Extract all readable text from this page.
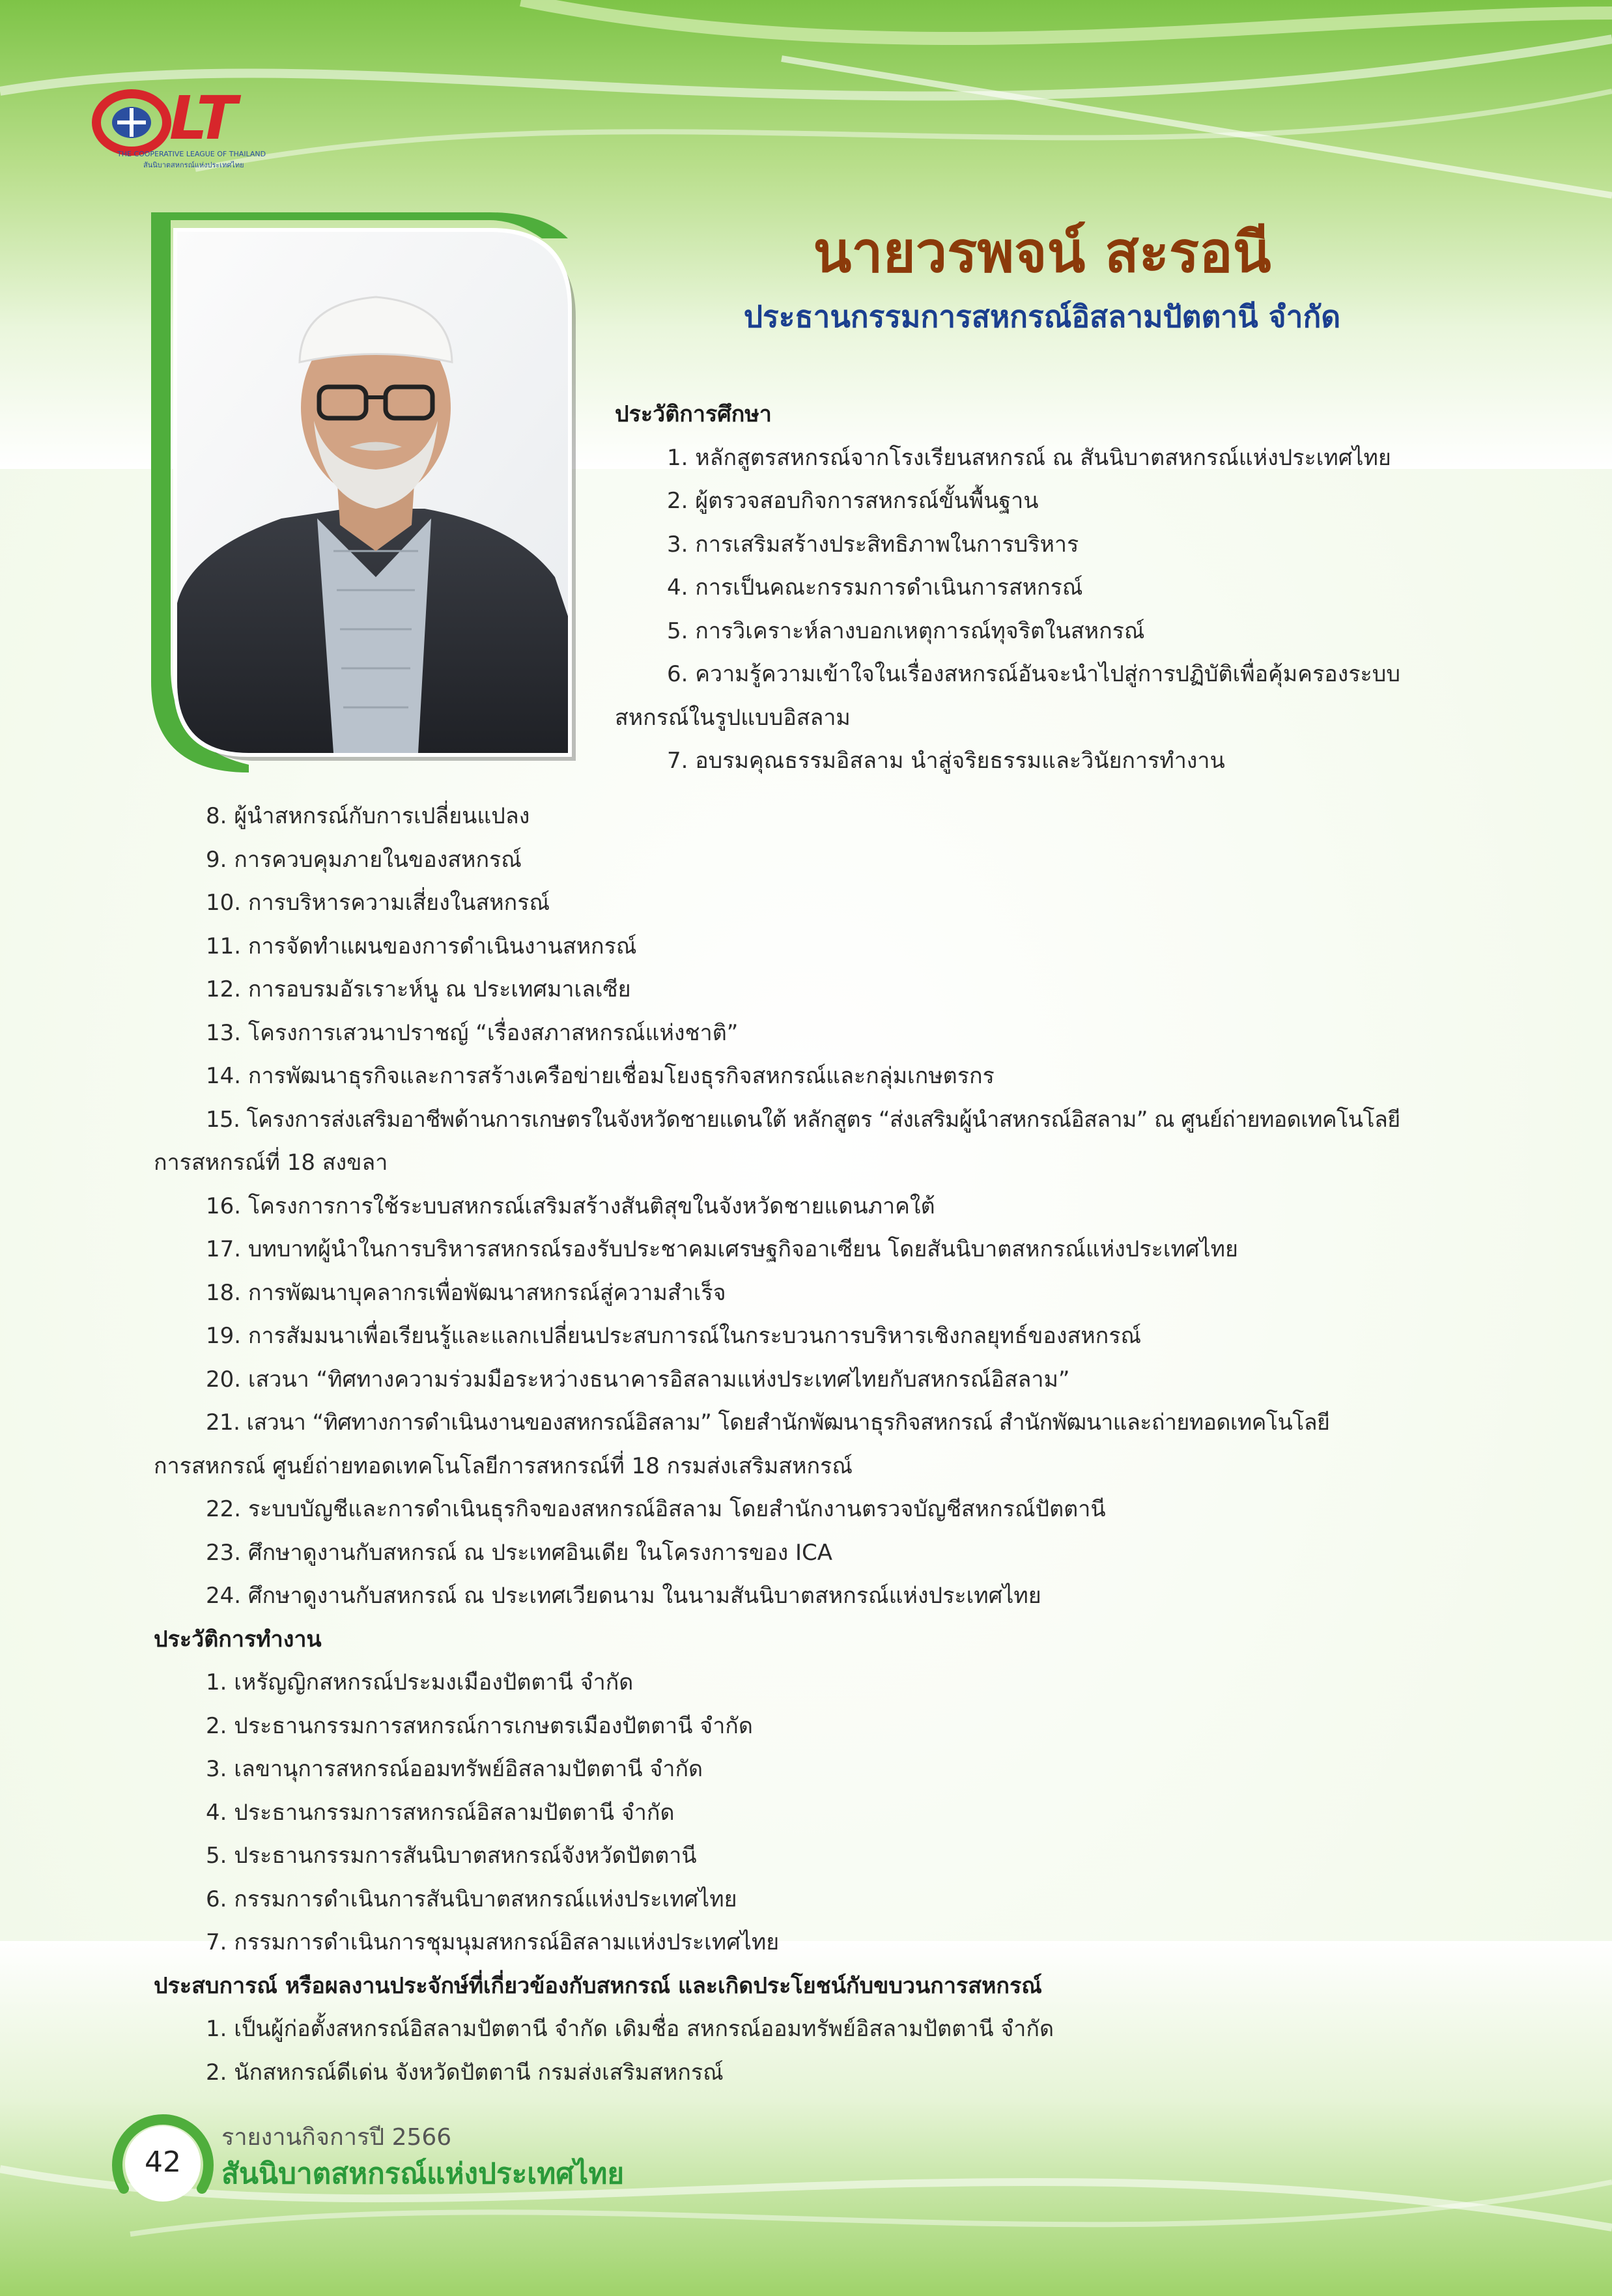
LT
THE COOPERATIVE LEAGUE OF THAILAND
สันนิบาตสหกรณ์แห่งประเทศไทย
นายวรพจน์ สะรอนี
ประธานกรรมการสหกรณ์อิสลามปัตตานี จำกัด

ประวัติการศึกษา

1. หลักสูตรสหกรณ์จากโรงเรียนสหกรณ์ ณ สันนิบาตสหกรณ์แห่งประเทศไทย

2. ผู้ตรวจสอบกิจการสหกรณ์ขั้นพื้นฐาน

3. การเสริมสร้างประสิทธิภาพในการบริหาร

4. การเป็นคณะกรรมการดำเนินการสหกรณ์

5. การวิเคราะห์ลางบอกเหตุการณ์ทุจริตในสหกรณ์

6. ความรู้ความเข้าใจในเรื่องสหกรณ์อันจะนำไปสู่การปฏิบัติเพื่อคุ้มครองระบบ

สหกรณ์ในรูปแบบอิสลาม

7. อบรมคุณธรรมอิสลาม นำสู่จริยธรรมและวินัยการทำงาน

8. ผู้นำสหกรณ์กับการเปลี่ยนแปลง

9. การควบคุมภายในของสหกรณ์

10. การบริหารความเสี่ยงในสหกรณ์

11. การจัดทำแผนของการดำเนินงานสหกรณ์

12. การอบรมอัรเราะห์นู ณ ประเทศมาเลเซีย

13. โครงการเสวนาปราชญ์ “เรื่องสภาสหกรณ์แห่งชาติ”

14. การพัฒนาธุรกิจและการสร้างเครือข่ายเชื่อมโยงธุรกิจสหกรณ์และกลุ่มเกษตรกร

15. โครงการส่งเสริมอาชีพด้านการเกษตรในจังหวัดชายแดนใต้ หลักสูตร “ส่งเสริมผู้นำสหกรณ์อิสลาม” ณ ศูนย์ถ่ายทอดเทคโนโลยี

การสหกรณ์ที่ 18 สงขลา

16. โครงการการใช้ระบบสหกรณ์เสริมสร้างสันติสุขในจังหวัดชายแดนภาคใต้

17. บทบาทผู้นำในการบริหารสหกรณ์รองรับประชาคมเศรษฐกิจอาเซียน โดยสันนิบาตสหกรณ์แห่งประเทศไทย

18. การพัฒนาบุคลากรเพื่อพัฒนาสหกรณ์สู่ความสำเร็จ

19. การสัมมนาเพื่อเรียนรู้และแลกเปลี่ยนประสบการณ์ในกระบวนการบริหารเชิงกลยุทธ์ของสหกรณ์

20. เสวนา “ทิศทางความร่วมมือระหว่างธนาคารอิสลามแห่งประเทศไทยกับสหกรณ์อิสลาม”

21. เสวนา “ทิศทางการดำเนินงานของสหกรณ์อิสลาม” โดยสำนักพัฒนาธุรกิจสหกรณ์ สำนักพัฒนาและถ่ายทอดเทคโนโลยี

การสหกรณ์ ศูนย์ถ่ายทอดเทคโนโลยีการสหกรณ์ที่ 18 กรมส่งเสริมสหกรณ์

22. ระบบบัญชีและการดำเนินธุรกิจของสหกรณ์อิสลาม โดยสำนักงานตรวจบัญชีสหกรณ์ปัตตานี

23. ศึกษาดูงานกับสหกรณ์ ณ ประเทศอินเดีย ในโครงการของ ICA

24. ศึกษาดูงานกับสหกรณ์ ณ ประเทศเวียดนาม ในนามสันนิบาตสหกรณ์แห่งประเทศไทย

ประวัติการทำงาน

1. เหรัญญิกสหกรณ์ประมงเมืองปัตตานี จำกัด

2. ประธานกรรมการสหกรณ์การเกษตรเมืองปัตตานี จำกัด

3. เลขานุการสหกรณ์ออมทรัพย์อิสลามปัตตานี จำกัด

4. ประธานกรรมการสหกรณ์อิสลามปัตตานี จำกัด

5. ประธานกรรมการสันนิบาตสหกรณ์จังหวัดปัตตานี

6. กรรมการดำเนินการสันนิบาตสหกรณ์แห่งประเทศไทย

7. กรรมการดำเนินการชุมนุมสหกรณ์อิสลามแห่งประเทศไทย

ประสบการณ์ หรือผลงานประจักษ์ที่เกี่ยวข้องกับสหกรณ์ และเกิดประโยชน์กับขบวนการสหกรณ์

1. เป็นผู้ก่อตั้งสหกรณ์อิสลามปัตตานี จำกัด เดิมชื่อ สหกรณ์ออมทรัพย์อิสลามปัตตานี จำกัด

2. นักสหกรณ์ดีเด่น จังหวัดปัตตานี กรมส่งเสริมสหกรณ์

42
รายงานกิจการปี 2566
สันนิบาตสหกรณ์แห่งประเทศไทย
